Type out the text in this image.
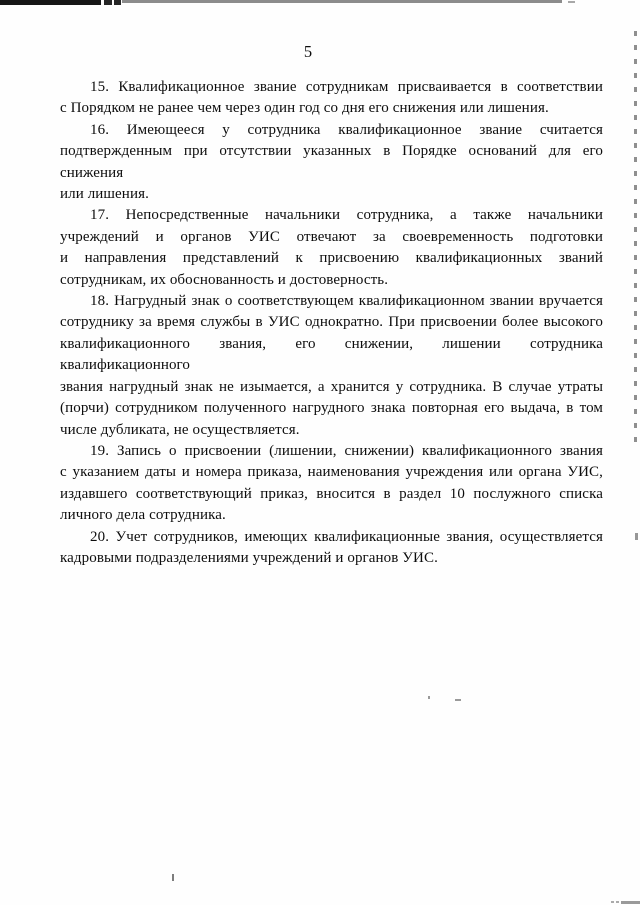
5

15. Квалификационное звание сотрудникам присваивается в соответствии
с Порядком не ранее чем через один год со дня его снижения или лишения.

16. Имеющееся у сотрудника квалификационное звание считается
подтвержденным при отсутствии указанных в Порядке оснований для его снижения
или лишения.

17. Непосредственные начальники сотрудника, а также начальники
учреждений и органов УИС отвечают за своевременность подготовки
и направления представлений к присвоению квалификационных званий
сотрудникам, их обоснованность и достоверность.

18. Нагрудный знак о соответствующем квалификационном звании вручается
сотруднику за время службы в УИС однократно. При присвоении более высокого
квалификационного звания, его снижении, лишении сотрудника квалификационного
звания нагрудный знак не изымается, а хранится у сотрудника. В случае утраты
(порчи) сотрудником полученного нагрудного знака повторная его выдача, в том
числе дубликата, не осуществляется.

19. Запись о присвоении (лишении, снижении) квалификационного звания
с указанием даты и номера приказа, наименования учреждения или органа УИС,
издавшего соответствующий приказ, вносится в раздел 10 послужного списка
личного дела сотрудника.

20. Учет сотрудников, имеющих квалификационные звания, осуществляется
кадровыми подразделениями учреждений и органов УИС.
